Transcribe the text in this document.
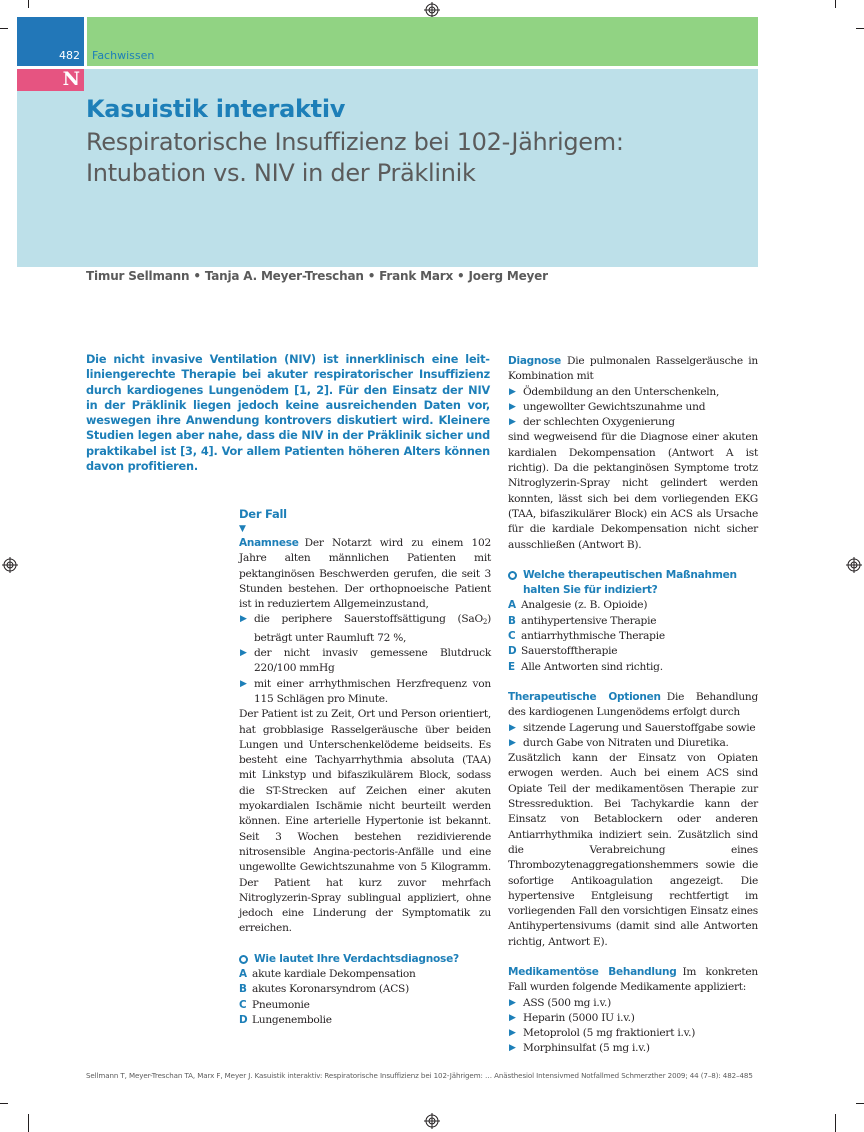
482 Fachwissen
Kasuistik interaktiv
Respiratorische Insuffizienz bei 102-Jährigem: Intubation vs. NIV in der Präklinik
N
Timur Sellmann • Tanja A. Meyer-Treschan • Frank Marx • Joerg Meyer
Die nicht invasive Ventilation (NIV) ist innerklinisch eine leitliniengerechte Therapie bei akuter respiratorischer Insuffizienz durch kardiogenes Lungenödem [1, 2]. Für den Einsatz der NIV in der Präklinik liegen jedoch keine ausreichenden Daten vor, weswegen ihre Anwendung kontrovers diskutiert wird. Kleinere Studien legen aber nahe, dass die NIV in der Präklinik sicher und praktikabel ist [3, 4]. Vor allem Patienten höheren Alters können davon profitieren.
Der Fall
▼
Anamnese Der Notarzt wird zu einem 102 Jahre alten männlichen Patienten mit pektanginösen Beschwerden gerufen, die seit 3 Stunden bestehen. Der orthopnoeische Patient ist in reduziertem Allgemeinzustand,
▶ die periphere Sauerstoffsättigung (SaO$_2$) beträgt unter Raumluft 72 %,
▶ der nicht invasiv gemessene Blutdruck 220/100 mmHg
▶ mit einer arrhythmischen Herzfrequenz von 115 Schlägen pro Minute.
Der Patient ist zu Zeit, Ort und Person orientiert, hat grobblasige Rasselgeräusche über beiden Lungen und Unterschenkelödeme beidseits. Es besteht eine Tachyarrhythmia absoluta (TAA) mit Linkstyp und bifaszikulärem Block, sodass die ST-Strecken auf Zeichen einer akuten myokardialen Ischämie nicht beurteilt werden können. Eine arterielle Hypertonie ist bekannt. Seit 3 Wochen bestehen rezidivierende nitrosensible Angina-pectoris-Anfälle und eine ungewollte Gewichtszunahme von 5 Kilogramm. Der Patient hat kurz zuvor mehrfach Nitroglyzerin-Spray sublingual appliziert, ohne jedoch eine Linderung der Symptomatik zu erreichen.
Wie lautet Ihre Verdachtsdiagnose?
A akute kardiale Dekompensation
B akutes Koronarsyndrom (ACS)
C Pneumonie
D Lungenembolie
Diagnose Die pulmonalen Rasselgeräusche in Kombination mit
▶ Ödembildung an den Unterschenkeln,
▶ ungewollter Gewichtszunahme und
▶ der schlechten Oxygenierung
sind wegweisend für die Diagnose einer akuten kardialen Dekompensation (Antwort A ist richtig). Da die pektanginösen Symptome trotz Nitroglyzerin-Spray nicht gelindert werden konnten, lässt sich bei dem vorliegenden EKG (TAA, bifaszikulärer Block) ein ACS als Ursache für die kardiale Dekompensation nicht sicher ausschließen (Antwort B).
Welche therapeutischen Maßnahmen halten Sie für indiziert?
A Analgesie (z. B. Opioide)
B antihypertensive Therapie
C antiarrhythmische Therapie
D Sauerstofftherapie
E Alle Antworten sind richtig.
Therapeutische Optionen Die Behandlung des kardiogenen Lungenödems erfolgt durch
▶ sitzende Lagerung und Sauerstoffgabe sowie
▶ durch Gabe von Nitraten und Diuretika.
Zusätzlich kann der Einsatz von Opiaten erwogen werden. Auch bei einem ACS sind Opiate Teil der medikamentösen Therapie zur Stressreduktion. Bei Tachykardie kann der Einsatz von Betablockern oder anderen Antiarrhythmika indiziert sein. Zusätzlich sind die Verabreichung eines Thrombozytenaggregationshemmers sowie die sofortige Antikoagulation angezeigt. Die hypertensive Entgleisung rechtfertigt im vorliegenden Fall den vorsichtigen Einsatz eines Antihypertensivums (damit sind alle Antworten richtig, Antwort E).
Medikamentöse Behandlung Im konkreten Fall wurden folgende Medikamente appliziert:
▶ ASS (500 mg i.v.)
▶ Heparin (5000 IU i.v.)
▶ Metoprolol (5 mg fraktioniert i.v.)
▶ Morphinsulfat (5 mg i.v.)
Sellmann T, Meyer-Treschan TA, Marx F, Meyer J. Kasuistik interaktiv: Respiratorische Insuffizienz bei 102-Jährigem: … Anästhesiol Intensivmed Notfallmed Schmerzther 2009; 44 (7–8): 482–485
